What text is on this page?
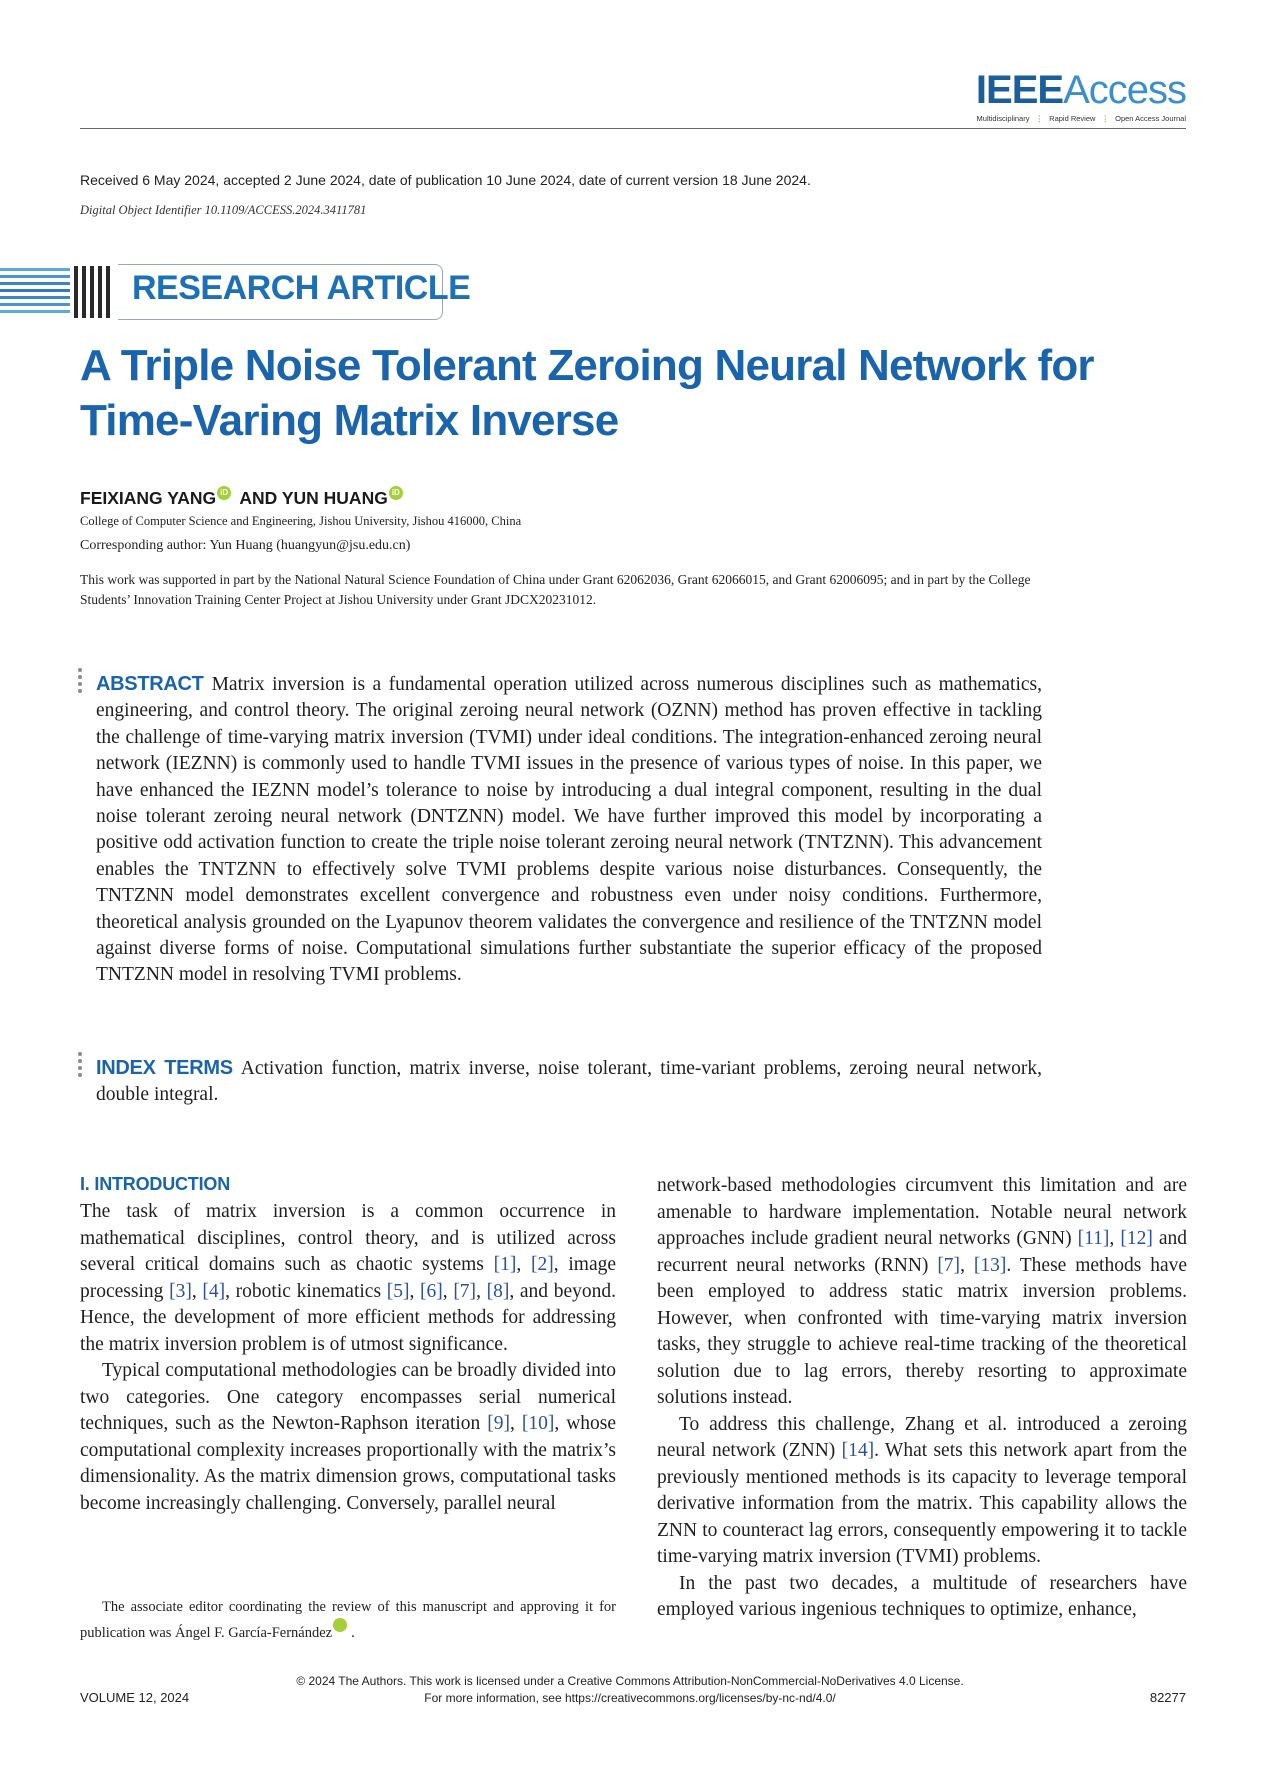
IEEEAccess
Multidisciplinary ⋮ Rapid Review ⋮ Open Access Journal
Received 6 May 2024, accepted 2 June 2024, date of publication 10 June 2024, date of current version 18 June 2024.
Digital Object Identifier 10.1109/ACCESS.2024.3411781
RESEARCH ARTICLE
A Triple Noise Tolerant Zeroing Neural Network for Time-Varing Matrix Inverse
FEIXIANG YANG iD AND YUN HUANG iD
College of Computer Science and Engineering, Jishou University, Jishou 416000, China
Corresponding author: Yun Huang (huangyun@jsu.edu.cn)
This work was supported in part by the National Natural Science Foundation of China under Grant 62062036, Grant 62066015, and Grant 62006095; and in part by the College Students’ Innovation Training Center Project at Jishou University under Grant JDCX20231012.
ABSTRACT Matrix inversion is a fundamental operation utilized across numerous disciplines such as mathematics, engineering, and control theory. The original zeroing neural network (OZNN) method has proven effective in tackling the challenge of time-varying matrix inversion (TVMI) under ideal conditions. The integration-enhanced zeroing neural network (IEZNN) is commonly used to handle TVMI issues in the presence of various types of noise. In this paper, we have enhanced the IEZNN model’s tolerance to noise by introducing a dual integral component, resulting in the dual noise tolerant zeroing neural network (DNTZNN) model. We have further improved this model by incorporating a positive odd activation function to create the triple noise tolerant zeroing neural network (TNTZNN). This advancement enables the TNTZNN to effectively solve TVMI problems despite various noise disturbances. Consequently, the TNTZNN model demonstrates excellent convergence and robustness even under noisy conditions. Furthermore, theoretical analysis grounded on the Lyapunov theorem validates the convergence and resilience of the TNTZNN model against diverse forms of noise. Computational simulations further substantiate the superior efficacy of the proposed TNTZNN model in resolving TVMI problems.
INDEX TERMS Activation function, matrix inverse, noise tolerant, time-variant problems, zeroing neural network, double integral.
I. INTRODUCTION

The task of matrix inversion is a common occurrence in mathematical disciplines, control theory, and is utilized across several critical domains such as chaotic systems [1], [2], image processing [3], [4], robotic kinematics [5], [6], [7], [8], and beyond. Hence, the development of more efficient methods for addressing the matrix inversion problem is of utmost significance.

Typical computational methodologies can be broadly divided into two categories. One category encompasses serial numerical techniques, such as the Newton-Raphson iteration [9], [10], whose computational complexity increases proportionally with the matrix’s dimensionality. As the matrix dimension grows, computational tasks become increasingly challenging. Conversely, parallel neural

network-based methodologies circumvent this limitation and are amenable to hardware implementation. Notable neural network approaches include gradient neural networks (GNN) [11], [12] and recurrent neural networks (RNN) [7], [13]. These methods have been employed to address static matrix inversion problems. However, when confronted with time-varying matrix inversion tasks, they struggle to achieve real-time tracking of the theoretical solution due to lag errors, thereby resorting to approximate solutions instead.

To address this challenge, Zhang et al. introduced a zeroing neural network (ZNN) [14]. What sets this network apart from the previously mentioned methods is its capacity to leverage temporal derivative information from the matrix. This capability allows the ZNN to counteract lag errors, consequently empowering it to tackle time-varying matrix inversion (TVMI) problems.

In the past two decades, a multitude of researchers have employed various ingenious techniques to optimize, enhance,

The associate editor coordinating the review of this manuscript and approving it for publication was Ángel F. García-FernándeziD.

VOLUME 12, 2024
© 2024 The Authors. This work is licensed under a Creative Commons Attribution-NonCommercial-NoDerivatives 4.0 License.
For more information, see https://creativecommons.org/licenses/by-nc-nd/4.0/	82277
